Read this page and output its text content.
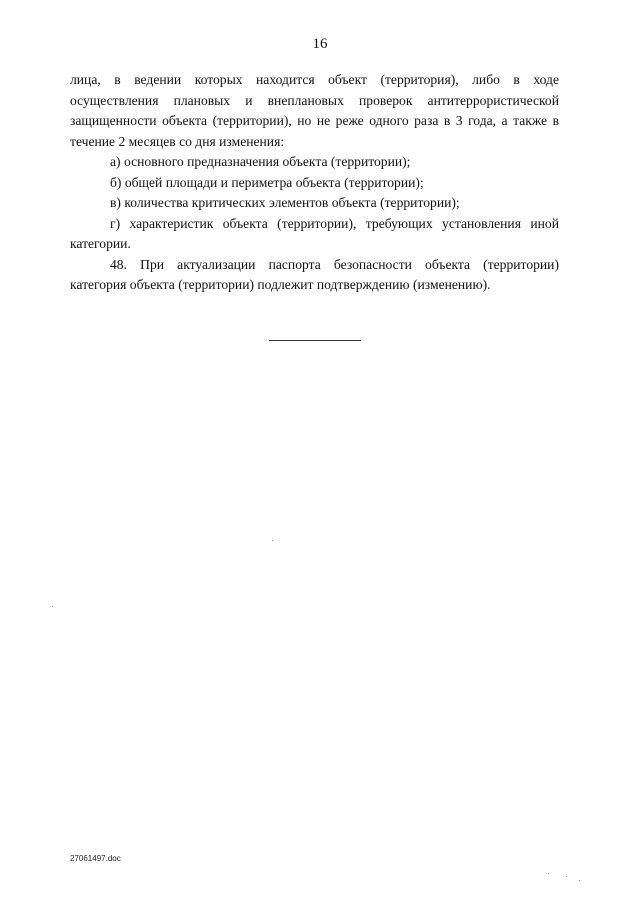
16

лица, в ведении которых находится объект (территория), либо в ходе осуществления плановых и внеплановых проверок антитеррористической защищенности объекта (территории), но не реже одного раза в 3 года, а также в течение 2 месяцев со дня изменения:

а) основного предназначения объекта (территории);

б) общей площади и периметра объекта (территории);

в) количества критических элементов объекта (территории);

г) характеристик объекта (территории), требующих установления иной категории.

48. При актуализации паспорта безопасности объекта (территории) категория объекта (территории) подлежит подтверждению (изменению).

27061497.doc
